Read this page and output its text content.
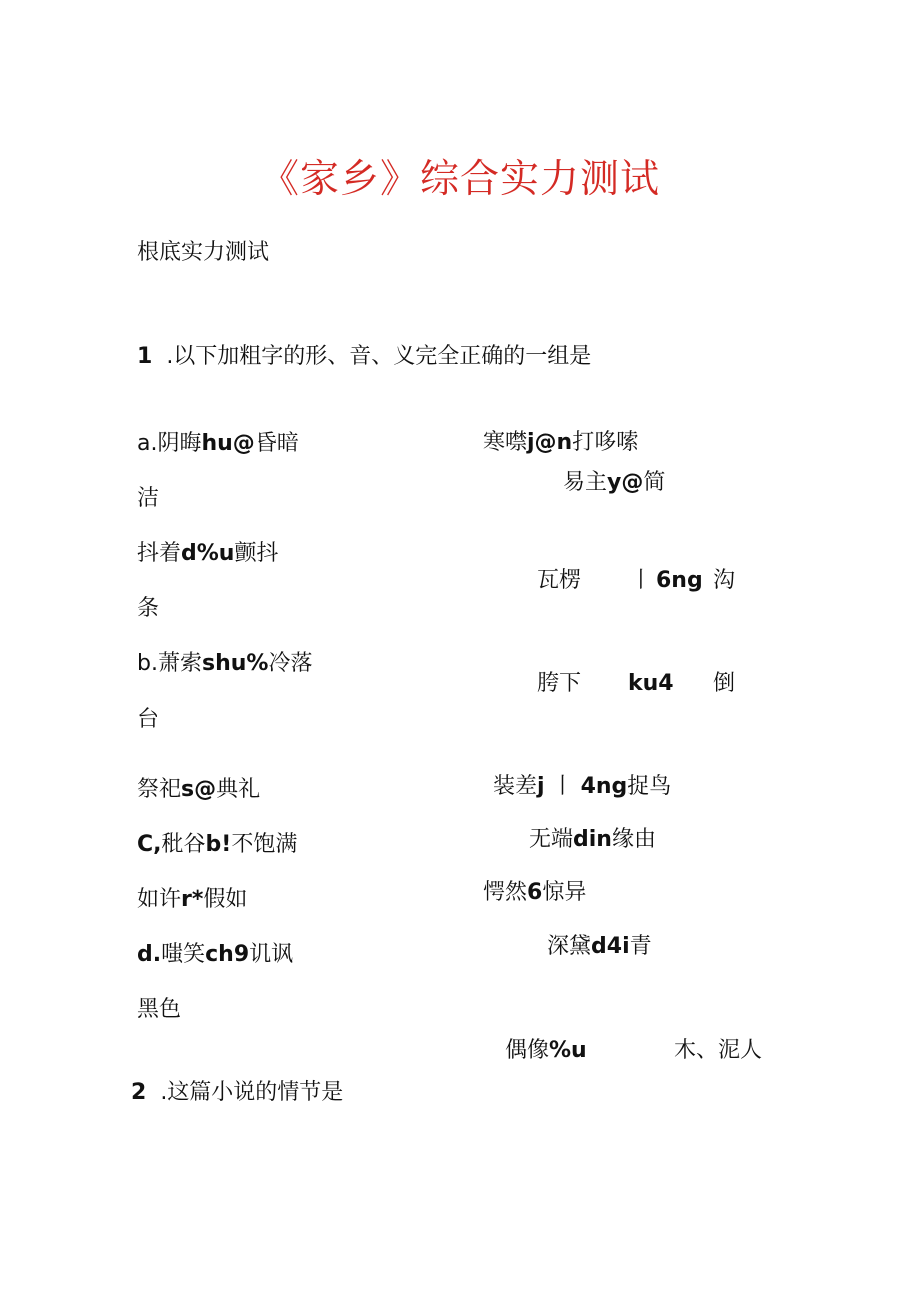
《家乡》综合实力测试
根底实力测试
1 .以下加粗字的形、音、义完全正确的一组是
a.阴晦hu@昏暗
洁
抖着d%u颤抖
条
b.萧索shu%冷落
台
祭祀s@典礼
C,秕谷b!不饱满
如许r*假如
d.嗤笑ch9讥讽
黑色
寒噤j@n打哆嗦
易主y@简
瓦楞 丨 6ng 沟
胯下 ku4 倒
装差j 丨 4ng捉鸟
无端din缘由
愕然6惊异
深黛d4i青
偶像%u	木、泥人
2 .这篇小说的情节是
